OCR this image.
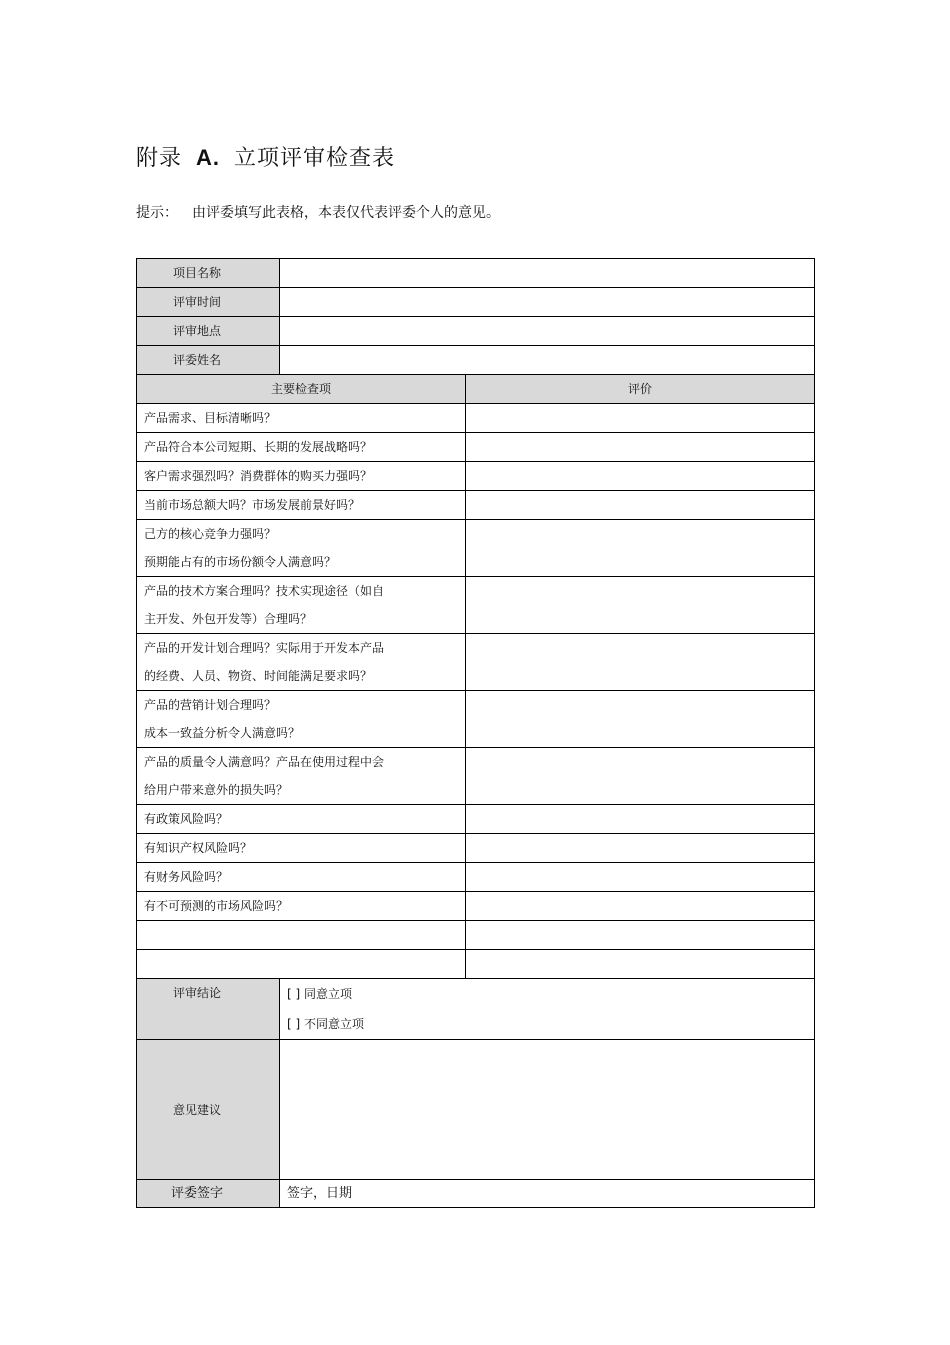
附录 A. 立项评审检查表
提示： 由评委填写此表格，本表仅代表评委个人的意见。
项目名称		
评审时间		
评审地点		
评委姓名		
主要检查项		评价

产品需求、目标清晰吗？		

产品符合本公司短期、长期的发展战略吗？		

客户需求强烈吗？消费群体的购买力强吗？		

当前市场总额大吗？市场发展前景好吗？		

己方的核心竞争力强吗？
预期能占有的市场份额令人满意吗？		

产品的技术方案合理吗？技术实现途径（如自
主开发、外包开发等）合理吗？		

产品的开发计划合理吗？实际用于开发本产品
的经费、人员、物资、时间能满足要求吗？		

产品的营销计划合理吗？
成本一致益分析令人满意吗？		

产品的质量令人满意吗？产品在使用过程中会
给用户带来意外的损失吗？		

有政策风险吗？		

有知识产权风险吗？		

有财务风险吗？		

有不可预测的市场风险吗？		

评审结论	[ ] 同意立项
[ ] 不同意立项	

意见建议		
评委签字	签字，日期	
